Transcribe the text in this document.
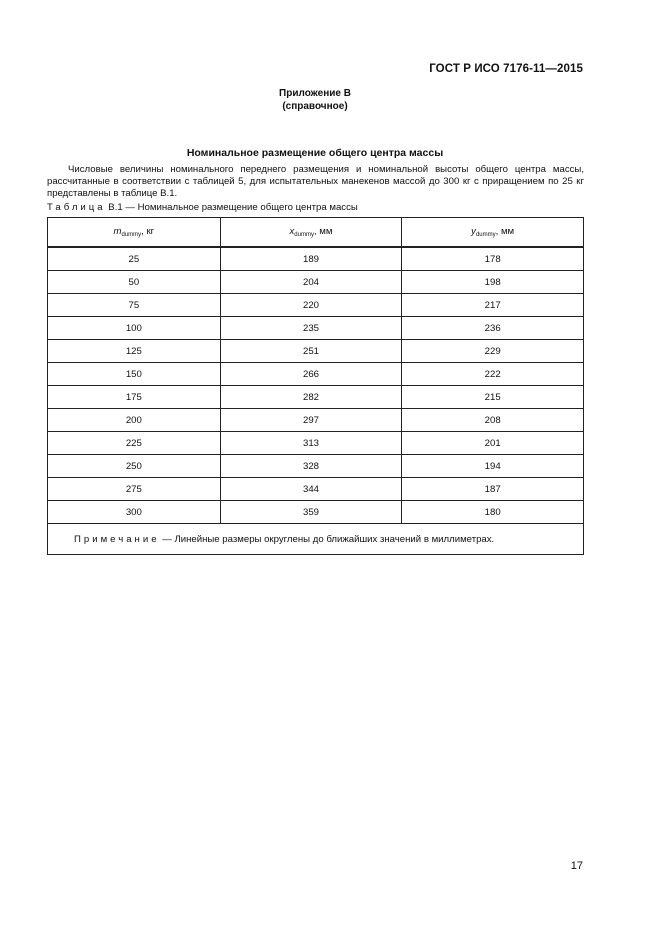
ГОСТ Р ИСО 7176-11—2015
Приложение В
(справочное)
Номинальное размещение общего центра массы

Числовые величины номинального переднего размещения и номинальной высоты общего центра массы, рассчитанные в соответствии с таблицей 5, для испытательных манекенов массой до 300 кг с приращением по 25 кг представлены в таблице В.1.

Таблица В.1 — Номинальное размещение общего центра массы
$m_{dummy}$, кг	$x_{dummy}$, мм	$y_{dummy}$, мм
25	189	178
50	204	198
75	220	217
100	235	236
125	251	229
150	266	222
175	282	215
200	297	208
225	313	201
250	328	194
275	344	187
300	359	180
Примечание — Линейные размеры округлены до ближайших значений в миллиметрах.		
17
